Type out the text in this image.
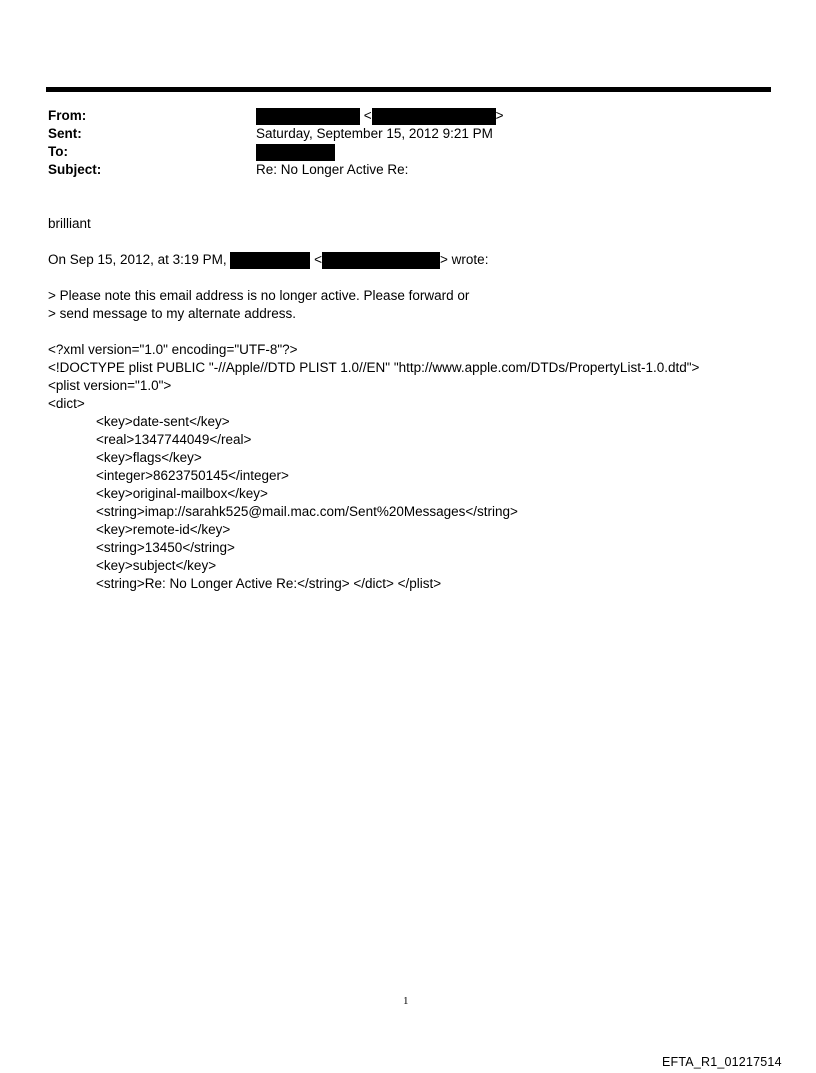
From:	<	>
Sent:	Saturday, September 15, 2012 9:21 PM
To:
Subject:	Re: No Longer Active Re:
brilliant
On Sep 15, 2012, at 3:19 PM,	<	> wrote:
> Please note this email address is no longer active. Please forward or
> send message to my alternate address.
<?xml version="1.0" encoding="UTF-8"?>
<!DOCTYPE plist PUBLIC "-//Apple//DTD PLIST 1.0//EN" "http://www.apple.com/DTDs/PropertyList-1.0.dtd">
<plist version="1.0">
<dict>
<key>date-sent</key>
<real>1347744049</real>
<key>flags</key>
<integer>8623750145</integer>
<key>original-mailbox</key>
<string>imap://sarahk525@mail.mac.com/Sent%20Messages</string>
<key>remote-id</key>
<string>13450</string>
<key>subject</key>
<string>Re: No Longer Active Re:</string> </dict> </plist>
1
EFTA_R1_01217514
